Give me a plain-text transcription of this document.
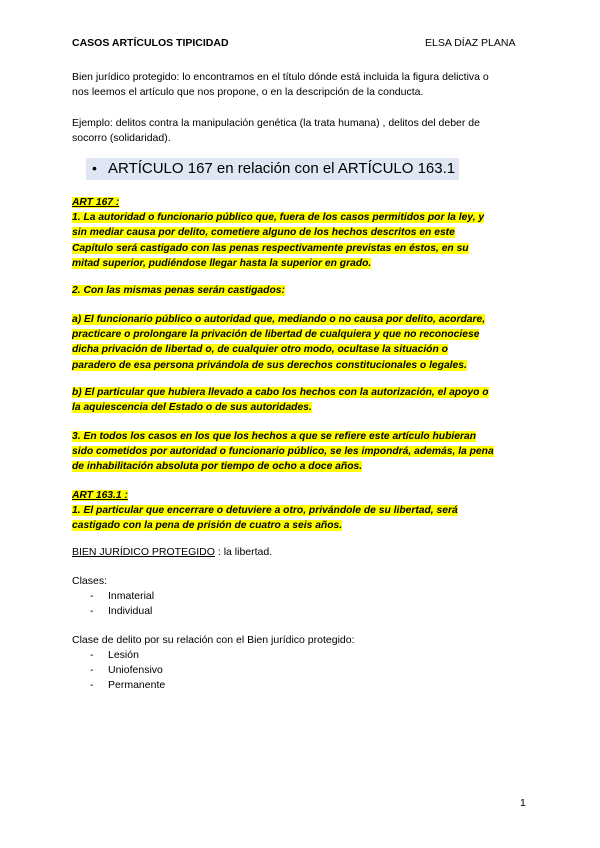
CASOS ARTÍCULOS TIPICIDAD	ELSA DÍAZ PLANA
Bien jurídico protegido: lo encontramos en el título dónde está incluida la figura delictiva o
nos leemos el artículo que nos propone, o en la descripción de la conducta.
Ejemplo: delitos contra la manipulación genética (la trata humana) , delitos del deber de
socorro (solidaridad).
• ARTÍCULO 167 en relación con el ARTÍCULO 163.1
ART 167 :
1. La autoridad o funcionario público que, fuera de los casos permitidos por la ley, y
sin mediar causa por delito, cometiere alguno de los hechos descritos en este
Capítulo será castigado con las penas respectivamente previstas en éstos, en su
mitad superior, pudiéndose llegar hasta la superior en grado.
2. Con las mismas penas serán castigados:
a) El funcionario público o autoridad que, mediando o no causa por delito, acordare,
practicare o prolongare la privación de libertad de cualquiera y que no reconociese
dicha privación de libertad o, de cualquier otro modo, ocultase la situación o
paradero de esa persona privándola de sus derechos constitucionales o legales.
b) El particular que hubiera llevado a cabo los hechos con la autorización, el apoyo o
la aquiescencia del Estado o de sus autoridades.
3. En todos los casos en los que los hechos a que se refiere este artículo hubieran
sido cometidos por autoridad o funcionario público, se les impondrá, además, la pena
de inhabilitación absoluta por tiempo de ocho a doce años.
ART 163.1 :
1. El particular que encerrare o detuviere a otro, privándole de su libertad, será
castigado con la pena de prisión de cuatro a seis años.
BIEN JURÍDICO PROTEGIDO : la libertad.
Clases:
- Inmaterial
- Individual
Clase de delito por su relación con el Bien jurídico protegido:
- Lesión
- Uniofensivo
- Permanente
1
